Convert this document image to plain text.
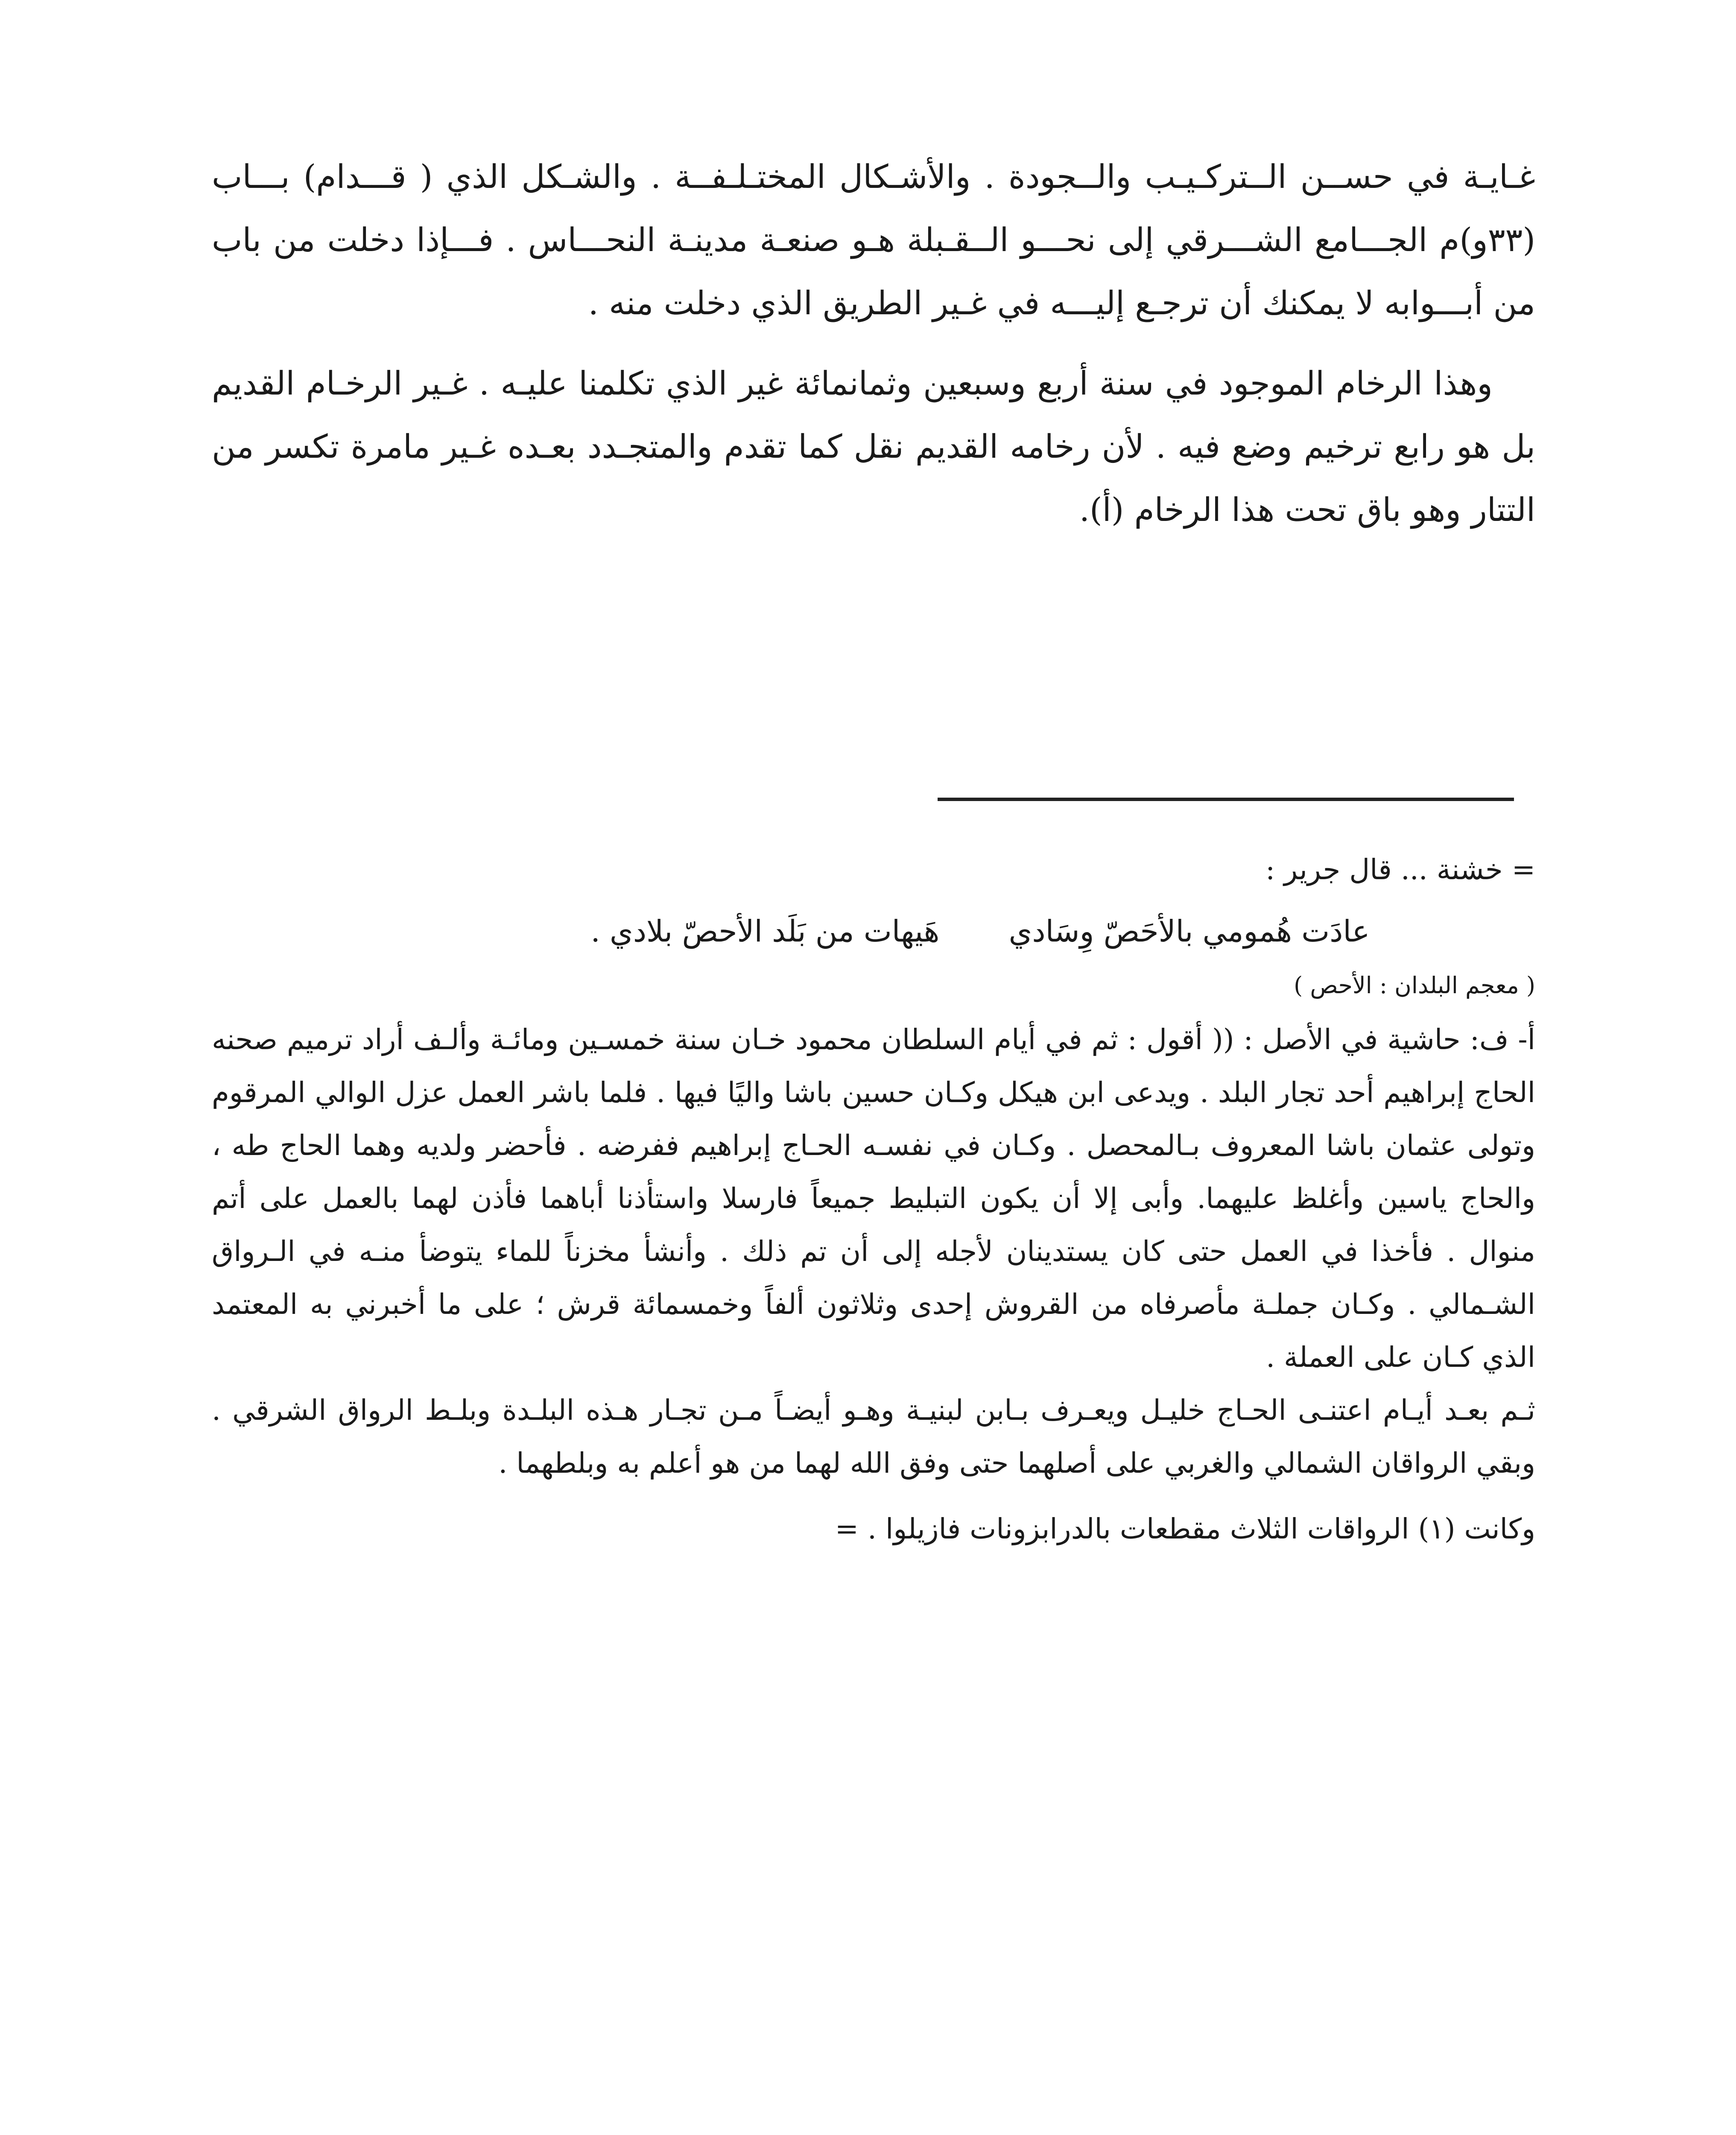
غـايـة في حســن الــتركـيـب والــجودة . والأشـكال المختـلـفــة . والشـكل الذي ( قـــدام) بـــاب (٣٣و)م الجـــامع الشـــرقي إلى نحـــو الــقـبلة هـو صنعـة مدينـة النحـــاس . فـــإذا دخلت من باب من أبـــوابه لا يمكنك أن ترجـع إليـــه في غـير الطريق الذي دخلت منه .

وهذا الرخام الموجود في سنة أربع وسبعين وثمانمائة غير الذي تكلمنا عليـه . غـير الرخـام القديم بل هو رابع ترخيم وضع فيه . لأن رخامه القديم نقل كما تقدم والمتجـدد بعـده غـير مامرة تكسر من التتار وهو باق تحت هذا الرخام (أ).

= خشنة ... قال جرير :

عادَت هُمومي بالأحَصّ وِسَادي هَيهات من بَلَد الأحصّ بلادي .

( معجم البلدان : الأحص )

أ- ف: حاشية في الأصل : (( أقول : ثم في أيام السلطان محمود خـان سنة خمسـين ومائـة وألـف أراد ترميم صحنه الحاج إبراهيم أحد تجار البلد . ويدعى ابن هيكل وكـان حسين باشا واليًا فيها . فلما باشر العمل عزل الوالي المرقوم وتولى عثمان باشا المعروف بـالمحصل . وكـان في نفسـه الحـاج إبراهيم ففرضه . فأحضر ولديه وهما الحاج طه ، والحاج ياسين وأغلظ عليهما. وأبى إلا أن يكون التبليط جميعاً فارسلا واستأذنا أباهما فأذن لهما بالعمل على أتم منوال . فأخذا في العمل حتى كان يستدينان لأجله إلى أن تم ذلك . وأنشأ مخزناً للماء يتوضأ منـه في الـرواق الشـمالي . وكـان جملـة مأصرفاه من القروش إحدى وثلاثون ألفاً وخمسمائة قرش ؛ على ما أخبرني به المعتمد الذي كـان على العملة .

ثـم بعـد أيـام اعتنـى الحـاج خليـل ويعـرف بـابن لبنيـة وهـو أيضـاً مـن تجـار هـذه البلـدة وبلـط الرواق الشرقي . وبقي الرواقان الشمالي والغربي على أصلهما حتى وفق الله لهما من هو أعلم به وبلطهما .

وكانت (١) الرواقات الثلاث مقطعات بالدرابزونات فازيلوا . =
